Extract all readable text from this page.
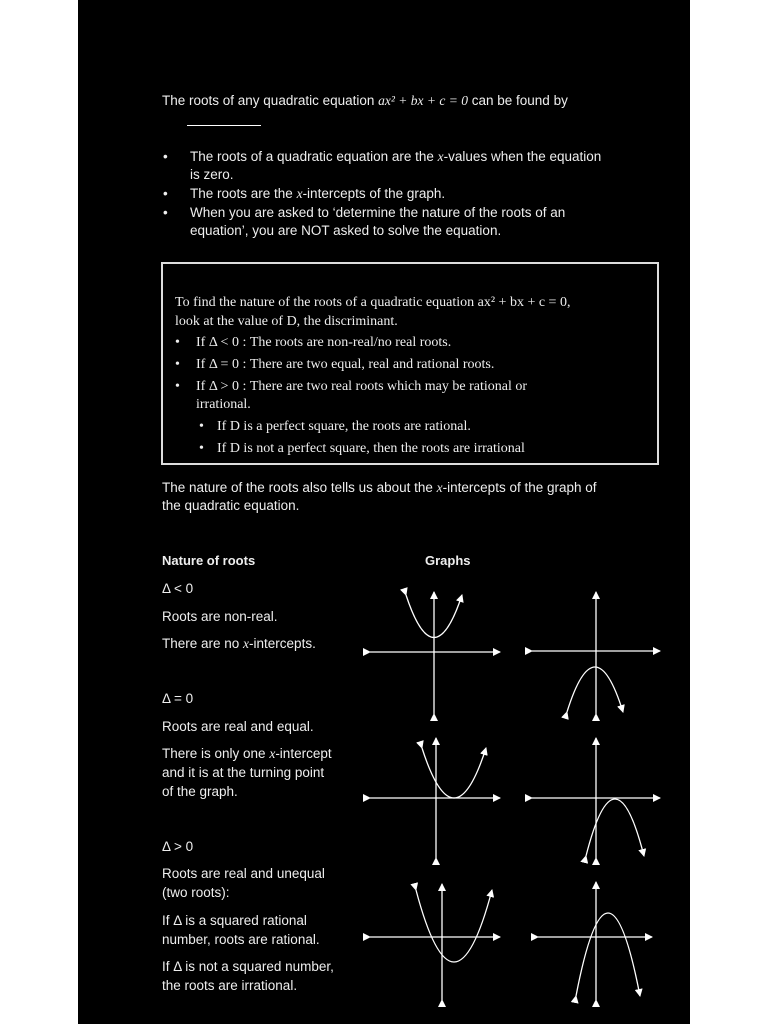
2.9 The nature of the roots
2.9.1 Determine the nature of the roots
The roots of any quadratic equation ax² + bx + c = 0 can be found by
x =
−b ± √b² − 4ac
2a
• The roots of a quadratic equation are the x-values when the equation
is zero.
• The roots are the x-intercepts of the graph.
• When you are asked to ‘determine the nature of the roots of an
equation’, you are NOT asked to solve the equation.
Summary:
To find the nature of the roots of a quadratic equation ax² + bx + c = 0,
look at the value of D, the discriminant.
• If Δ < 0 : The roots are non-real/no real roots.
• If Δ = 0 : There are two equal, real and rational roots.
• If Δ > 0 : There are two real roots which may be rational or
irrational.
• If D is a perfect square, the roots are rational.
• If D is not a perfect square, then the roots are irrational
The nature of the roots also tells us about the x-intercepts of the graph of
the quadratic equation.
Nature of roots	Graphs
Δ < 0
Roots are non-real.
There are no x-intercepts.
Δ = 0
Roots are real and equal.
There is only one x-intercept
and it is at the turning point
of the graph.
Δ > 0
Roots are real and unequal
(two roots):
If Δ is a squared rational
number, roots are rational.
If Δ is not a squared number,
the roots are irrational.
